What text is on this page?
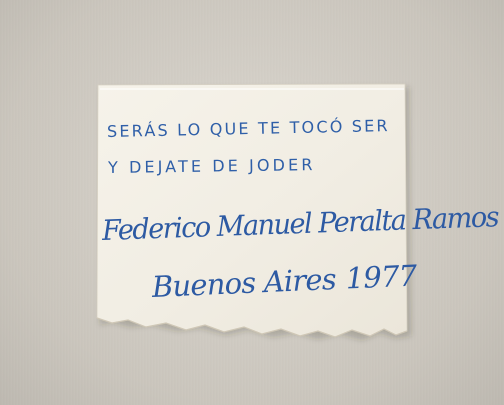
SERÁS LO QUE TE TOCÓ SER
Y DEJATE DE JODER
Federico Manuel Peralta Ramos
Buenos Aires 1977
